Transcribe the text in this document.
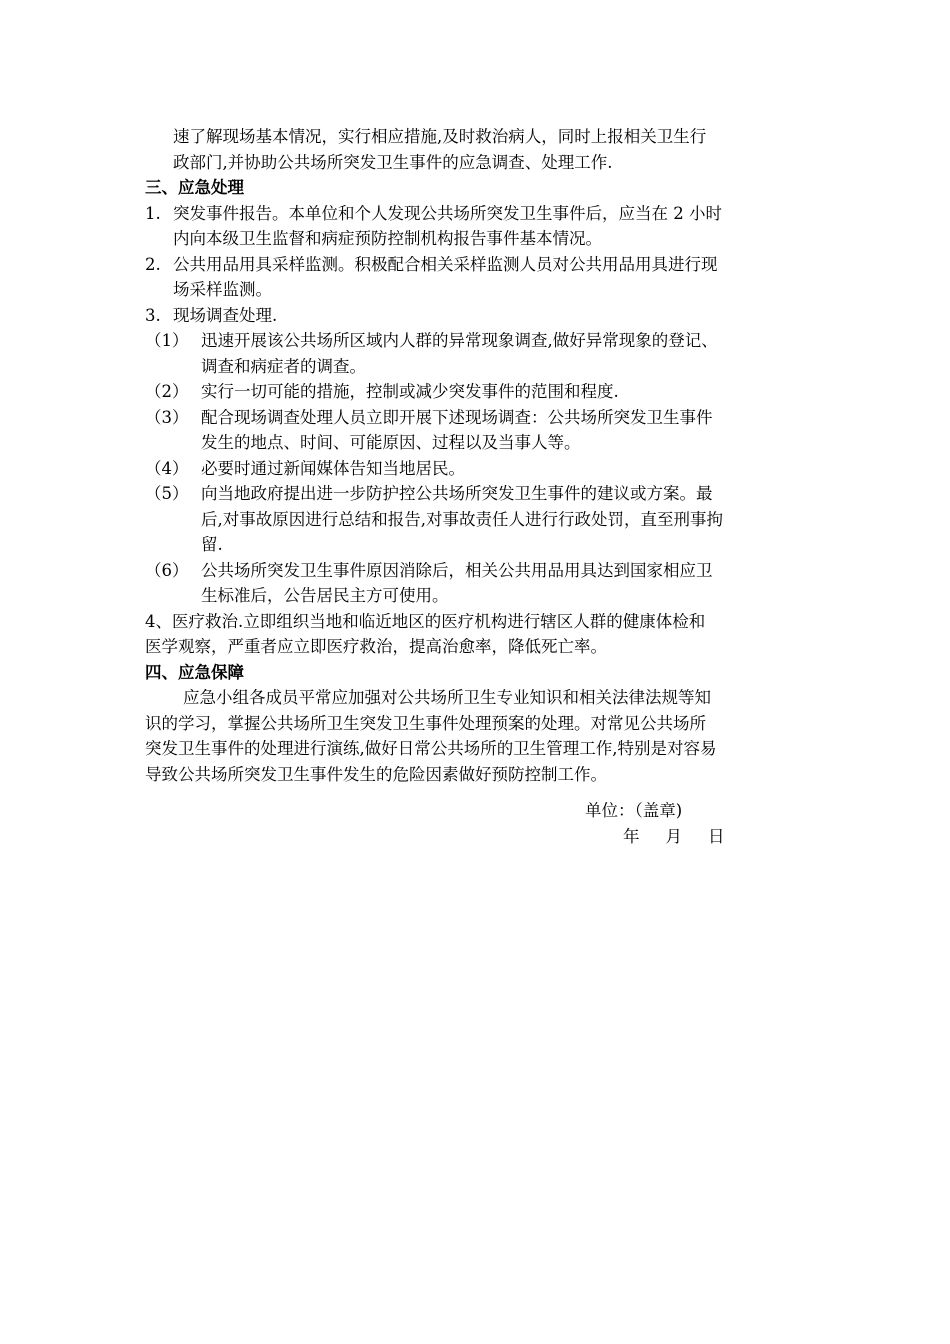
速了解现场基本情况，实行相应措施,及时救治病人，同时上报相关卫生行
政部门,并协助公共场所突发卫生事件的应急调查、处理工作.
三、应急处理
1. 突发事件报告。本单位和个人发现公共场所突发卫生事件后，应当在 2 小时
内向本级卫生监督和病症预防控制机构报告事件基本情况。
2. 公共用品用具采样监测。积极配合相关采样监测人员对公共用品用具进行现
场采样监测。
3. 现场调查处理.
（1） 迅速开展该公共场所区域内人群的异常现象调查,做好异常现象的登记、
调查和病症者的调查。
（2） 实行一切可能的措施，控制或减少突发事件的范围和程度.
（3） 配合现场调查处理人员立即开展下述现场调查：公共场所突发卫生事件
发生的地点、时间、可能原因、过程以及当事人等。
（4） 必要时通过新闻媒体告知当地居民。
（5） 向当地政府提出进一步防护控公共场所突发卫生事件的建议或方案。最
后,对事故原因进行总结和报告,对事故责任人进行行政处罚，直至刑事拘
留.
（6） 公共场所突发卫生事件原因消除后，相关公共用品用具达到国家相应卫
生标准后，公告居民主方可使用。
4、医疗救治.立即组织当地和临近地区的医疗机构进行辖区人群的健康体检和
医学观察，严重者应立即医疗救治，提高治愈率，降低死亡率。
四、应急保障
应急小组各成员平常应加强对公共场所卫生专业知识和相关法律法规等知
识的学习，掌握公共场所卫生突发卫生事件处理预案的处理。对常见公共场所
突发卫生事件的处理进行演练,做好日常公共场所的卫生管理工作,特别是对容易
导致公共场所突发卫生事件发生的危险因素做好预防控制工作。
单位：（盖章)
年 月 日
